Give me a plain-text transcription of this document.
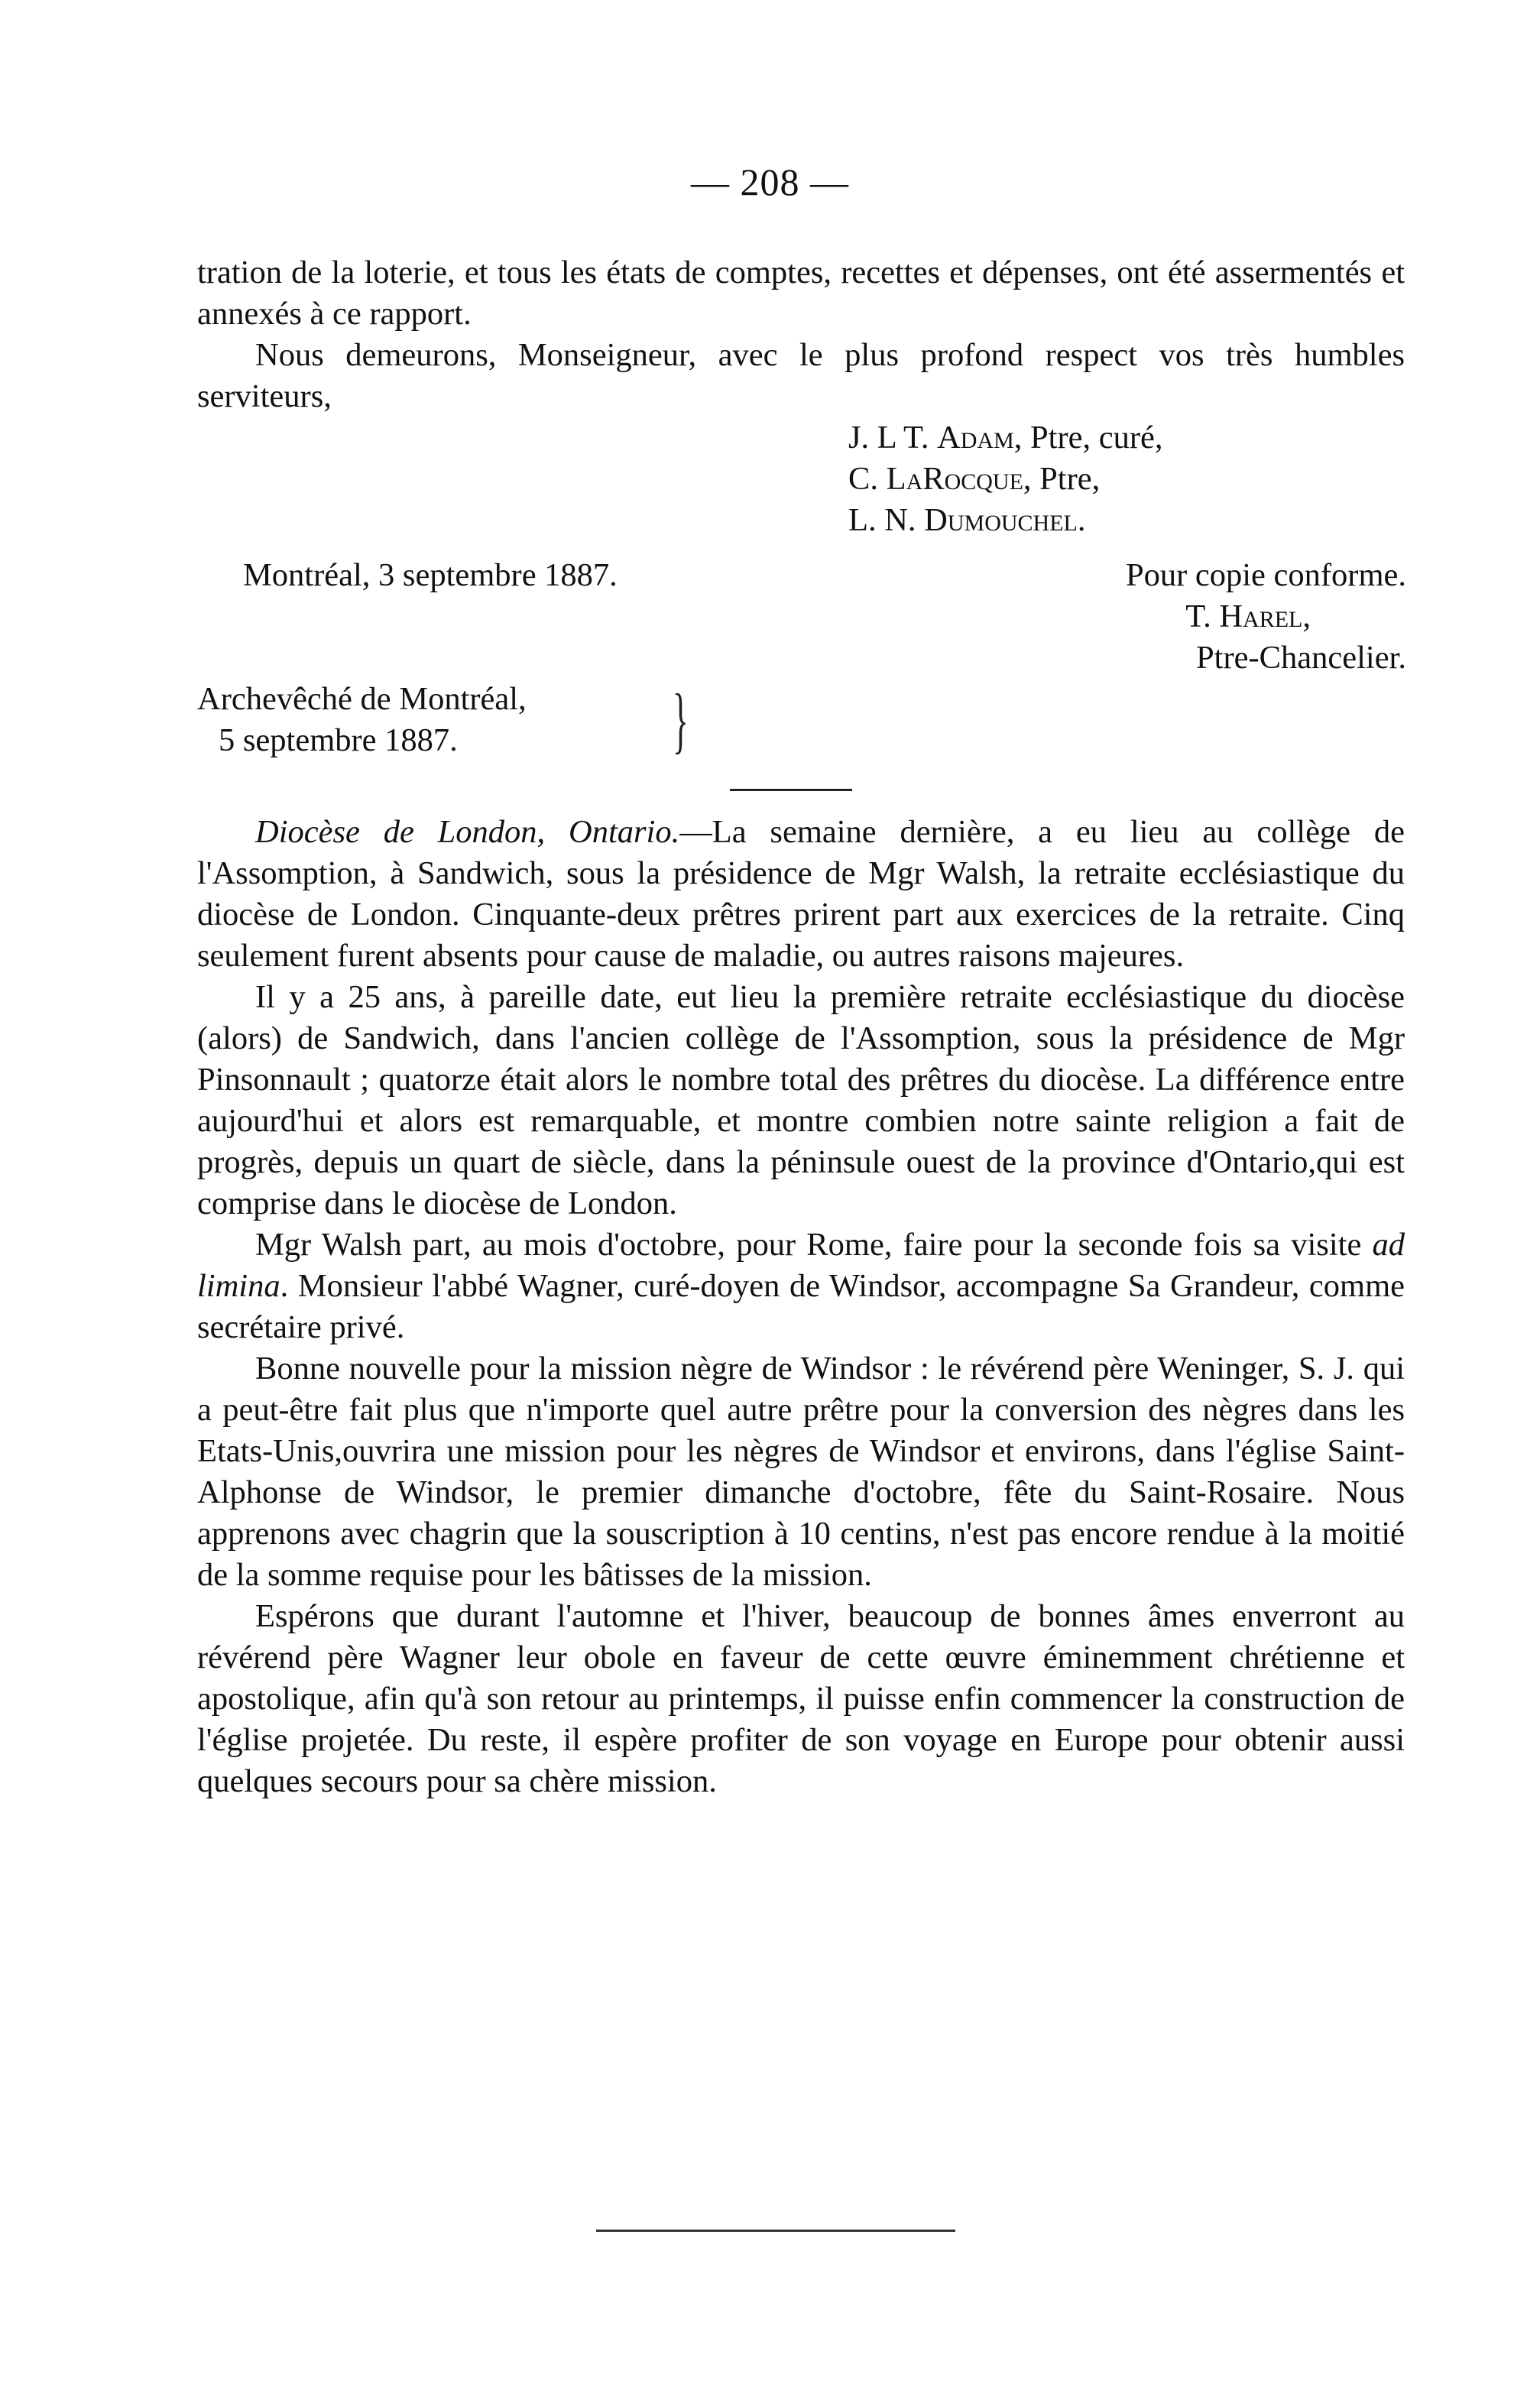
— 208 —

tration de la loterie, et tous les états de comptes, recettes et dépenses, ont été assermentés et annexés à ce rapport.

Nous demeurons, Monseigneur, avec le plus profond respect vos très humbles serviteurs,

J. L T. Adam, Ptre, curé,
C. LaRocque, Ptre,
L. N. Dumouchel.
Montréal, 3 septembre 1887.	Pour copie conforme.
T. Harel,
Ptre-Chancelier.
Archevêché de Montréal,
5 septembre 1887.	}

Diocèse de London, Ontario.—La semaine dernière, a eu lieu au collège de l'Assomption, à Sandwich, sous la présidence de Mgr Walsh, la retraite ecclésiastique du diocèse de London. Cinquante-deux prêtres prirent part aux exercices de la retraite. Cinq seulement furent absents pour cause de maladie, ou autres raisons majeures.

Il y a 25 ans, à pareille date, eut lieu la première retraite ecclésiastique du diocèse (alors) de Sandwich, dans l'ancien collège de l'Assomption, sous la présidence de Mgr Pinsonnault ; quatorze était alors le nombre total des prêtres du diocèse. La différence entre aujourd'hui et alors est remarquable, et montre combien notre sainte religion a fait de progrès, depuis un quart de siècle, dans la péninsule ouest de la province d'Ontario,qui est comprise dans le diocèse de London.

Mgr Walsh part, au mois d'octobre, pour Rome, faire pour la seconde fois sa visite ad limina. Monsieur l'abbé Wagner, curé-doyen de Windsor, accompagne Sa Grandeur, comme secrétaire privé.

Bonne nouvelle pour la mission nègre de Windsor : le révérend père Weninger, S. J. qui a peut-être fait plus que n'importe quel autre prêtre pour la conversion des nègres dans les Etats-Unis,ouvrira une mission pour les nègres de Windsor et environs, dans l'église Saint-Alphonse de Windsor, le premier dimanche d'octobre, fête du Saint-Rosaire. Nous apprenons avec chagrin que la souscription à 10 centins, n'est pas encore rendue à la moitié de la somme requise pour les bâtisses de la mission.

Espérons que durant l'automne et l'hiver, beaucoup de bonnes âmes enverront au révérend père Wagner leur obole en faveur de cette œuvre éminemment chrétienne et apostolique, afin qu'à son retour au printemps, il puisse enfin commencer la construction de l'église projetée. Du reste, il espère profiter de son voyage en Europe pour obtenir aussi quelques secours pour sa chère mission.
